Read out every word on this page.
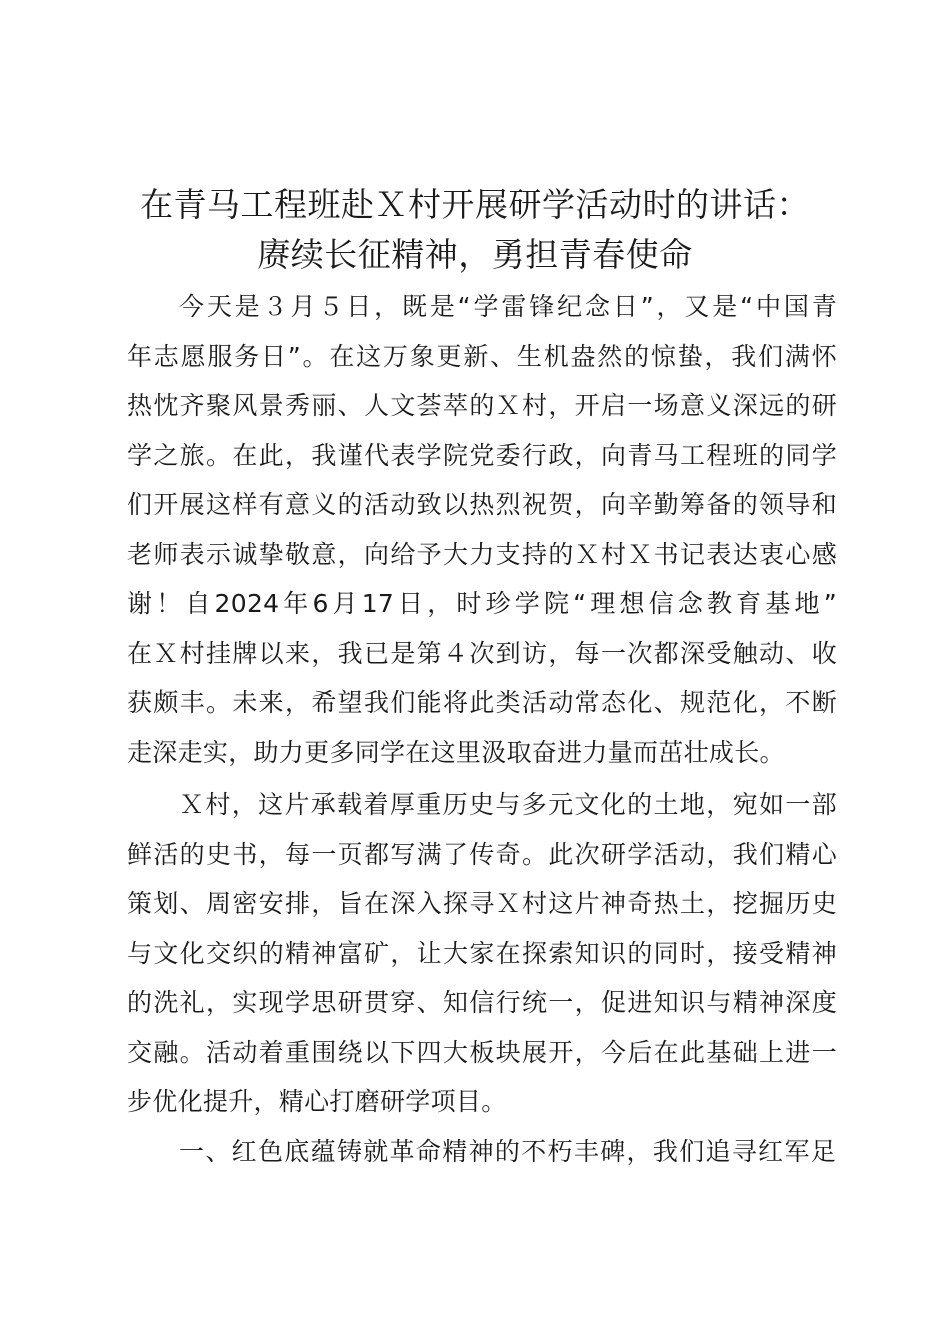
在青马工程班赴Ｘ村开展研学活动时的讲话：
赓续长征精神，勇担青春使命
今天是３月５日，既是“学雷锋纪念日”，又是“中国青
年志愿服务日”。在这万象更新、生机盎然的惊蛰，我们满怀
热忱齐聚风景秀丽、人文荟萃的Ｘ村，开启一场意义深远的研
学之旅。在此，我谨代表学院党委行政，向青马工程班的同学
们开展这样有意义的活动致以热烈祝贺，向辛勤筹备的领导和
老师表示诚挚敬意，向给予大力支持的Ｘ村Ｘ书记表达衷心感
谢！自2024年6月17日，时珍学院“理想信念教育基地”
在Ｘ村挂牌以来，我已是第４次到访，每一次都深受触动、收
获颇丰。未来，希望我们能将此类活动常态化、规范化，不断
走深走实，助力更多同学在这里汲取奋进力量而茁壮成长。
Ｘ村，这片承载着厚重历史与多元文化的土地，宛如一部
鲜活的史书，每一页都写满了传奇。此次研学活动，我们精心
策划、周密安排，旨在深入探寻Ｘ村这片神奇热土，挖掘历史
与文化交织的精神富矿，让大家在探索知识的同时，接受精神
的洗礼，实现学思研贯穿、知信行统一，促进知识与精神深度
交融。活动着重围绕以下四大板块展开，今后在此基础上进一
步优化提升，精心打磨研学项目。
一、红色底蕴铸就革命精神的不朽丰碑，我们追寻红军足
